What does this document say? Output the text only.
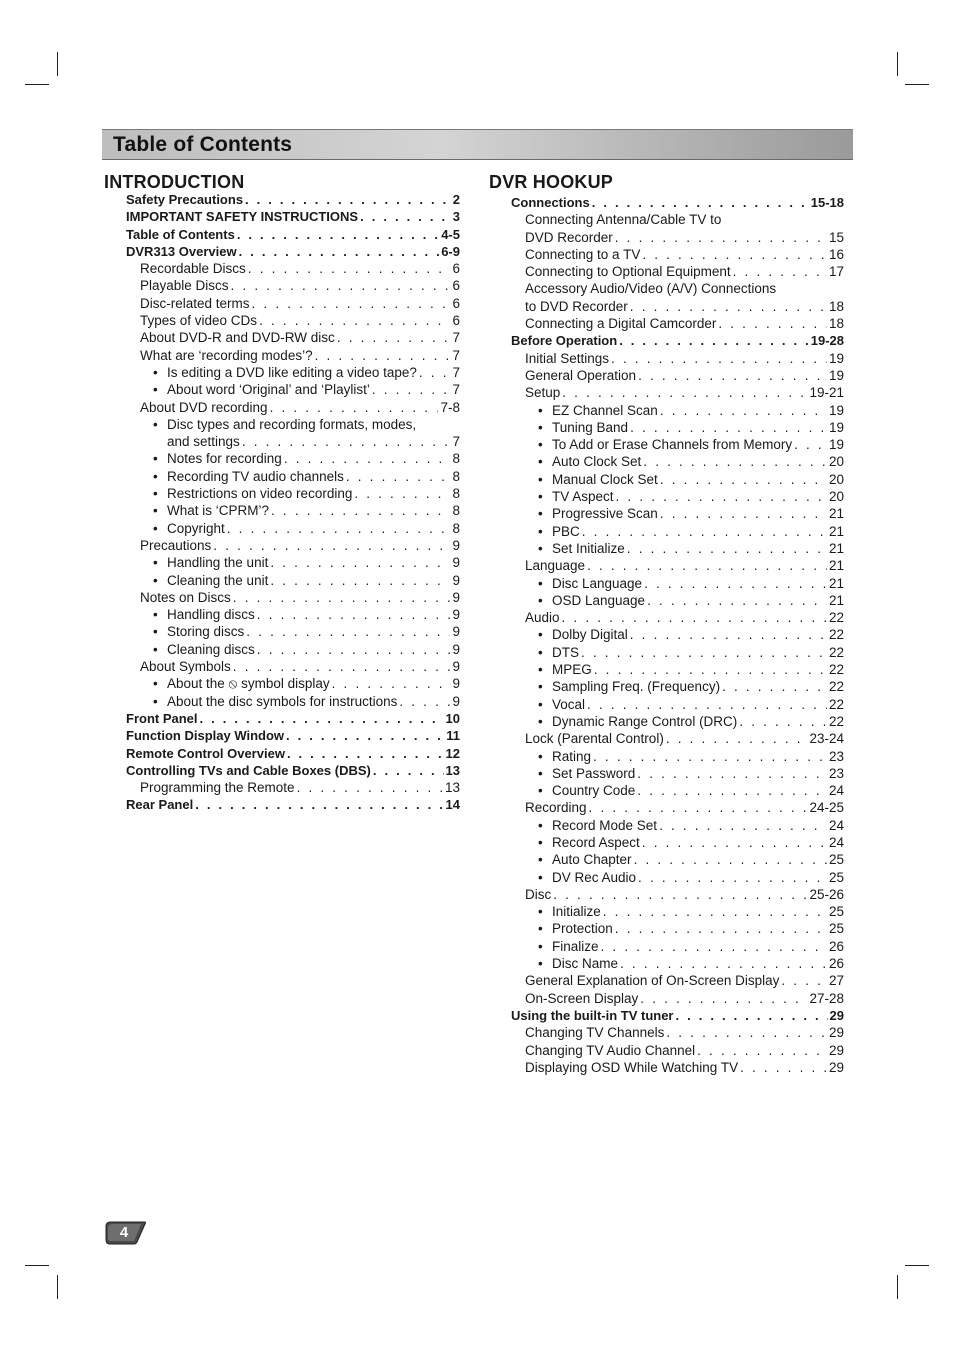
Table of Contents
INTRODUCTION
Safety Precautions . . .	2
IMPORTANT SAFETY INSTRUCTIONS . . .	3
Table of Contents . . .	4-5
DVR313 Overview . . .	6-9
Recordable Discs . . .	6
Playable Discs . . .	6
Disc-related terms . . .	6
Types of video CDs . . .	6
About DVD-R and DVD-RW disc . . .	7
What are ‘recording modes’? . . .	7
• Is editing a DVD like editing a video tape? . . .	7
• About word ‘Original’ and ‘Playlist’ . . .	7
About DVD recording . . .	7-8
• Disc types and recording formats, modes,
and settings . . .	7
• Notes for recording . . .	8
• Recording TV audio channels . . .	8
• Restrictions on video recording . . .	8
• What is ‘CPRM’? . . .	8
• Copyright . . .	8
Precautions . . .	9
• Handling the unit . . .	9
• Cleaning the unit . . .	9
Notes on Discs . . .	9
• Handling discs . . .	9
• Storing discs . . .	9
• Cleaning discs . . .	9
About Symbols . . .	9
• About the ⦸ symbol display . . .	9
• About the disc symbols for instructions . . .	9
Front Panel . . .	10
Function Display Window . . .	11
Remote Control Overview . . .	12
Controlling TVs and Cable Boxes (DBS) . . .	13
Programming the Remote . . .	13
Rear Panel . . .	14
DVR HOOKUP
Connections . . .	15-18
Connecting Antenna/Cable TV to
DVD Recorder . . .	15
Connecting to a TV . . .	16
Connecting to Optional Equipment . . .	17
Accessory Audio/Video (A/V) Connections
to DVD Recorder . . .	18
Connecting a Digital Camcorder . . .	18
Before Operation . . .	19-28
Initial Settings . . .	19
General Operation . . .	19
Setup . . .	19-21
• EZ Channel Scan . . .	19
• Tuning Band . . .	19
• To Add or Erase Channels from Memory . . .	19
• Auto Clock Set . . .	20
• Manual Clock Set . . .	20
• TV Aspect . . .	20
• Progressive Scan . . .	21
• PBC . . .	21
• Set Initialize . . .	21
Language . . .	21
• Disc Language . . .	21
• OSD Language . . .	21
Audio . . .	22
• Dolby Digital . . .	22
• DTS . . .	22
• MPEG . . .	22
• Sampling Freq. (Frequency) . . .	22
• Vocal . . .	22
• Dynamic Range Control (DRC) . . .	22
Lock (Parental Control) . . .	23-24
• Rating . . .	23
• Set Password . . .	23
• Country Code . . .	24
Recording . . .	24-25
• Record Mode Set . . .	24
• Record Aspect . . .	24
• Auto Chapter . . .	25
• DV Rec Audio . . .	25
Disc . . .	25-26
• Initialize . . .	25
• Protection . . .	25
• Finalize . . .	26
• Disc Name . . .	26
General Explanation of On-Screen Display . . .	27
On-Screen Display . . .	27-28
Using the built-in TV tuner . . .	29
Changing TV Channels . . .	29
Changing TV Audio Channel . . .	29
Displaying OSD While Watching TV . . .	29
4
